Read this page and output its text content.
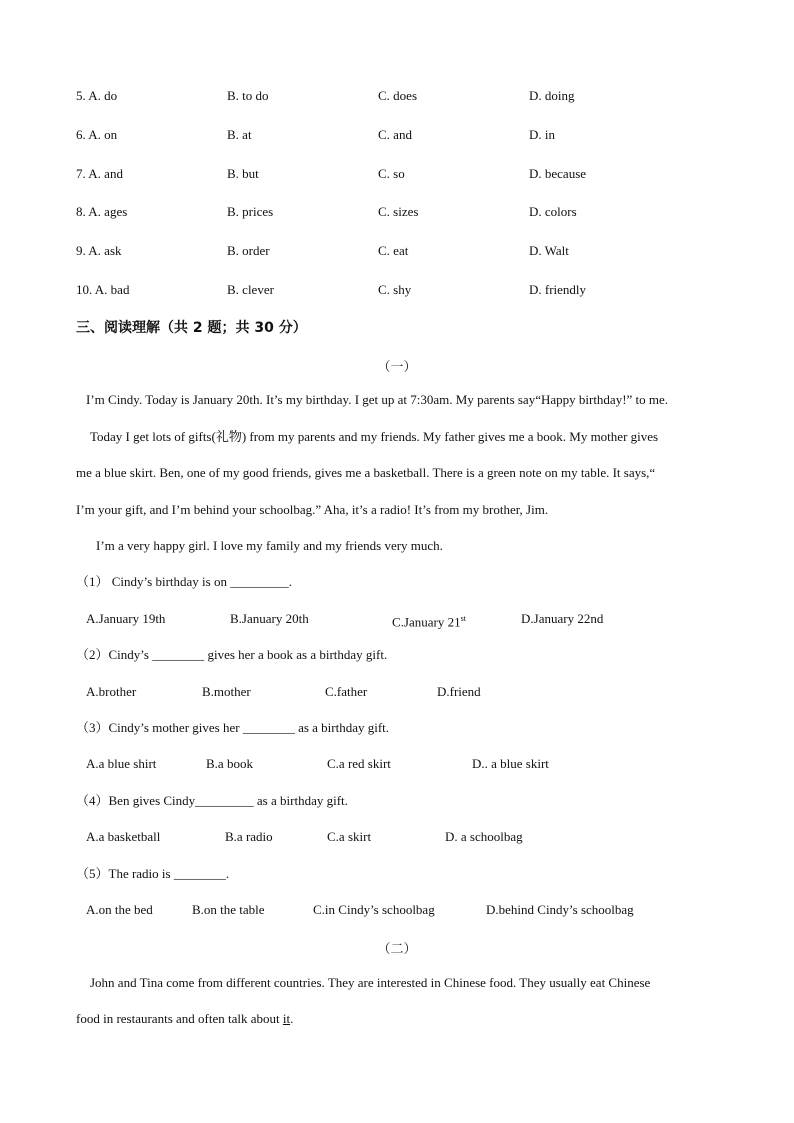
5. A. do	B. to do	C. does	D. doing
6. A. on	B. at	C. and	D. in
7. A. and	B. but	C. so	D. because
8. A. ages	B. prices	C. sizes	D. colors
9. A. ask	B. order	C. eat	D. Walt
10. A. bad	B. clever	C. shy	D. friendly
三、阅读理解（共 2 题；共 30 分）
（一）
I’m Cindy. Today is January 20th. It’s my birthday. I get up at 7:30am. My parents say“Happy birthday!” to me.
Today I get lots of gifts(礼物) from my parents and my friends. My father gives me a book. My mother gives
me a blue skirt. Ben, one of my good friends, gives me a basketball. There is a green note on my table. It says,“
I’m your gift, and I’m behind your schoolbag.” Aha, it’s a radio! It’s from my brother, Jim.
I’m a very happy girl. I love my family and my friends very much.
（1） Cindy’s birthday is on _________.
A.January 19th	B.January 20th	C.January 21st	D.January 22nd
（2）Cindy’s ________ gives her a book as a birthday gift.
A.brother	B.mother	C.father	D.friend
（3）Cindy’s mother gives her ________ as a birthday gift.
A.a blue shirt	B.a book	C.a red skirt	D.. a blue skirt
（4）Ben gives Cindy_________ as a birthday gift.
A.a basketball	B.a radio	C.a skirt	D. a schoolbag
（5）The radio is ________.
A.on the bed	B.on the table	C.in Cindy’s schoolbag	D.behind Cindy’s schoolbag
（二）
John and Tina come from different countries. They are interested in Chinese food. They usually eat Chinese
food in restaurants and often talk about it.
